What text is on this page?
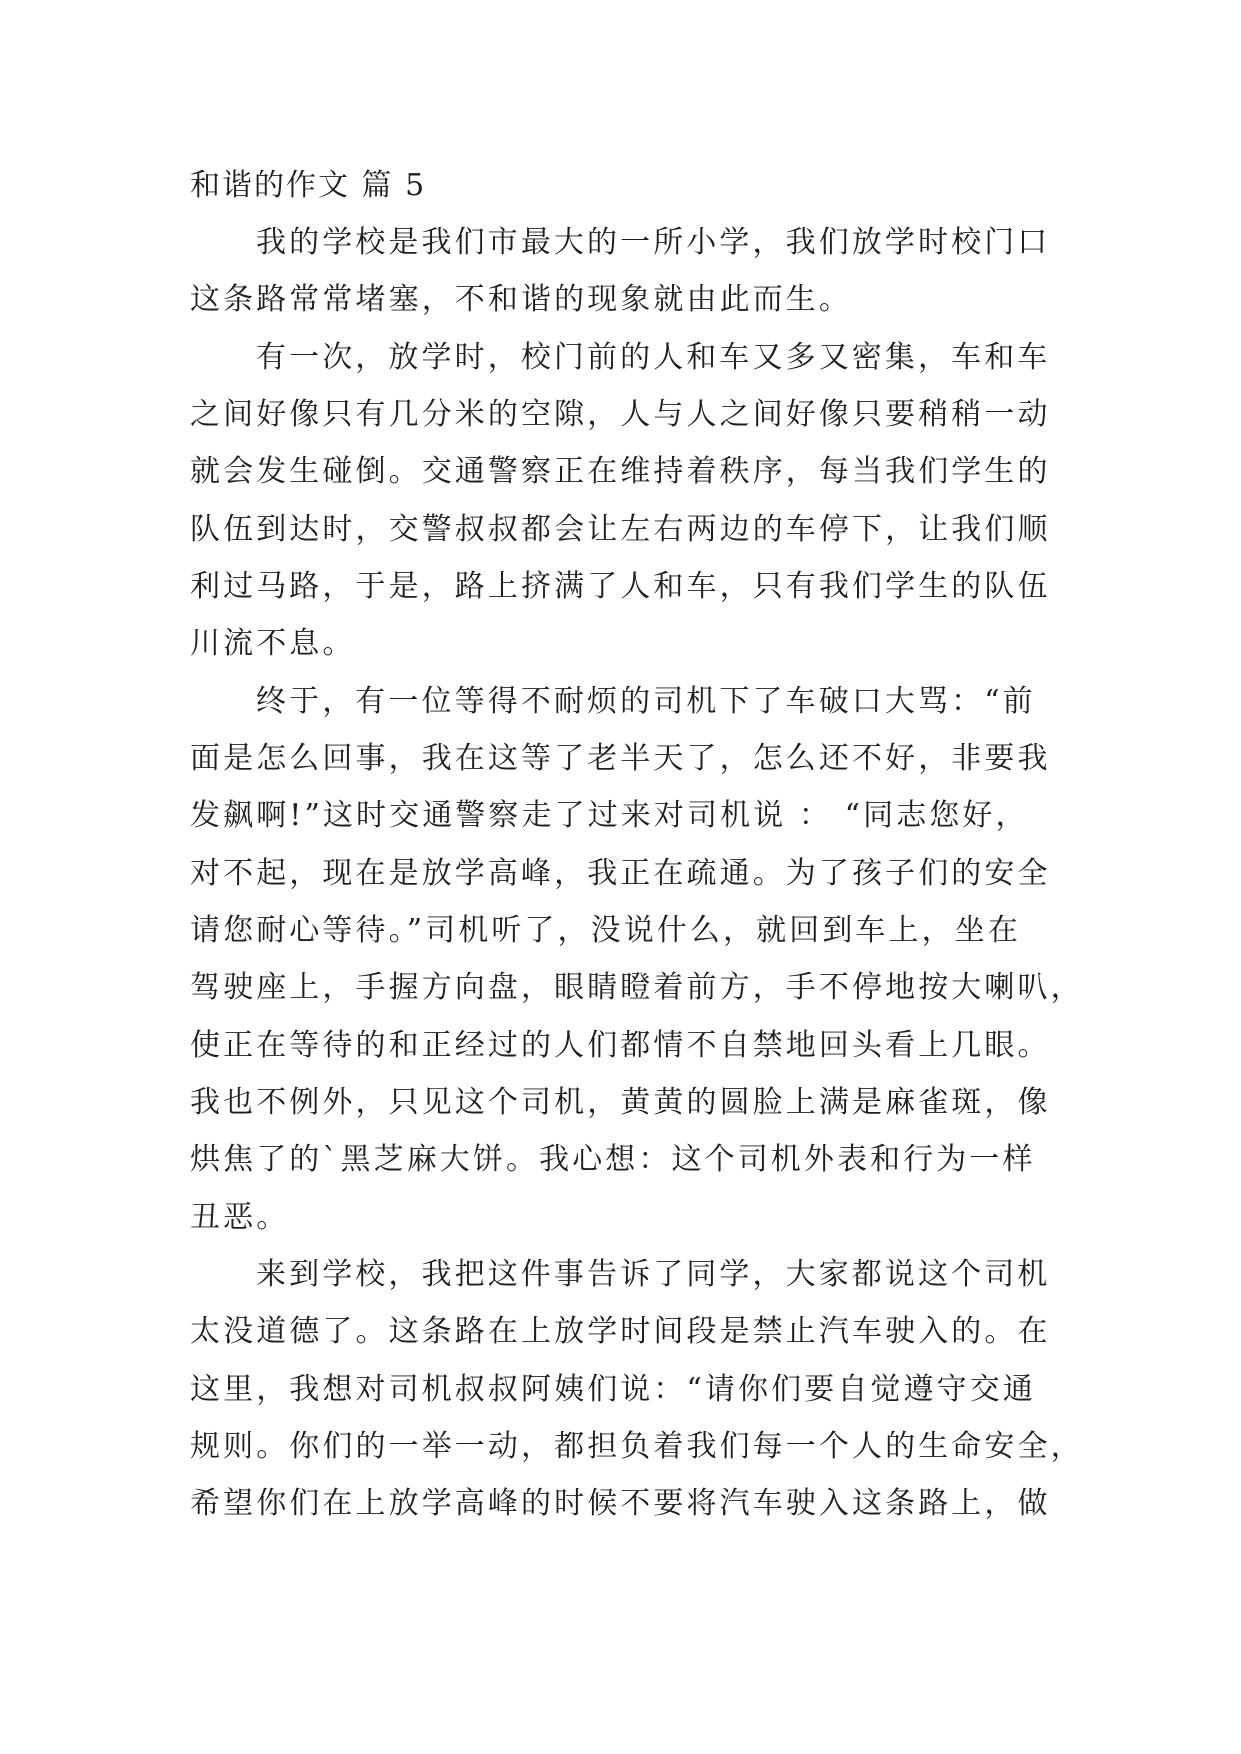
和谐的作文 篇 5
我的学校是我们市最大的一所小学，我们放学时校门口
这条路常常堵塞，不和谐的现象就由此而生。
有一次，放学时，校门前的人和车又多又密集，车和车
之间好像只有几分米的空隙，人与人之间好像只要稍稍一动
就会发生碰倒。交通警察正在维持着秩序，每当我们学生的
队伍到达时，交警叔叔都会让左右两边的车停下，让我们顺
利过马路，于是，路上挤满了人和车，只有我们学生的队伍
川流不息。
终于，有一位等得不耐烦的司机下了车破口大骂：“前
面是怎么回事，我在这等了老半天了，怎么还不好，非要我
发飙啊!”这时交通警察走了过来对司机说 ： “同志您好，
对不起，现在是放学高峰，我正在疏通。为了孩子们的安全
请您耐心等待。”司机听了，没说什么，就回到车上，坐在
驾驶座上，手握方向盘，眼睛瞪着前方，手不停地按大喇叭，
使正在等待的和正经过的人们都情不自禁地回头看上几眼。
我也不例外，只见这个司机，黄黄的圆脸上满是麻雀斑，像
烘焦了的`黑芝麻大饼。我心想：这个司机外表和行为一样
丑恶。
来到学校，我把这件事告诉了同学，大家都说这个司机
太没道德了。这条路在上放学时间段是禁止汽车驶入的。在
这里，我想对司机叔叔阿姨们说：“请你们要自觉遵守交通
规则。你们的一举一动，都担负着我们每一个人的生命安全，
希望你们在上放学高峰的时候不要将汽车驶入这条路上，做
